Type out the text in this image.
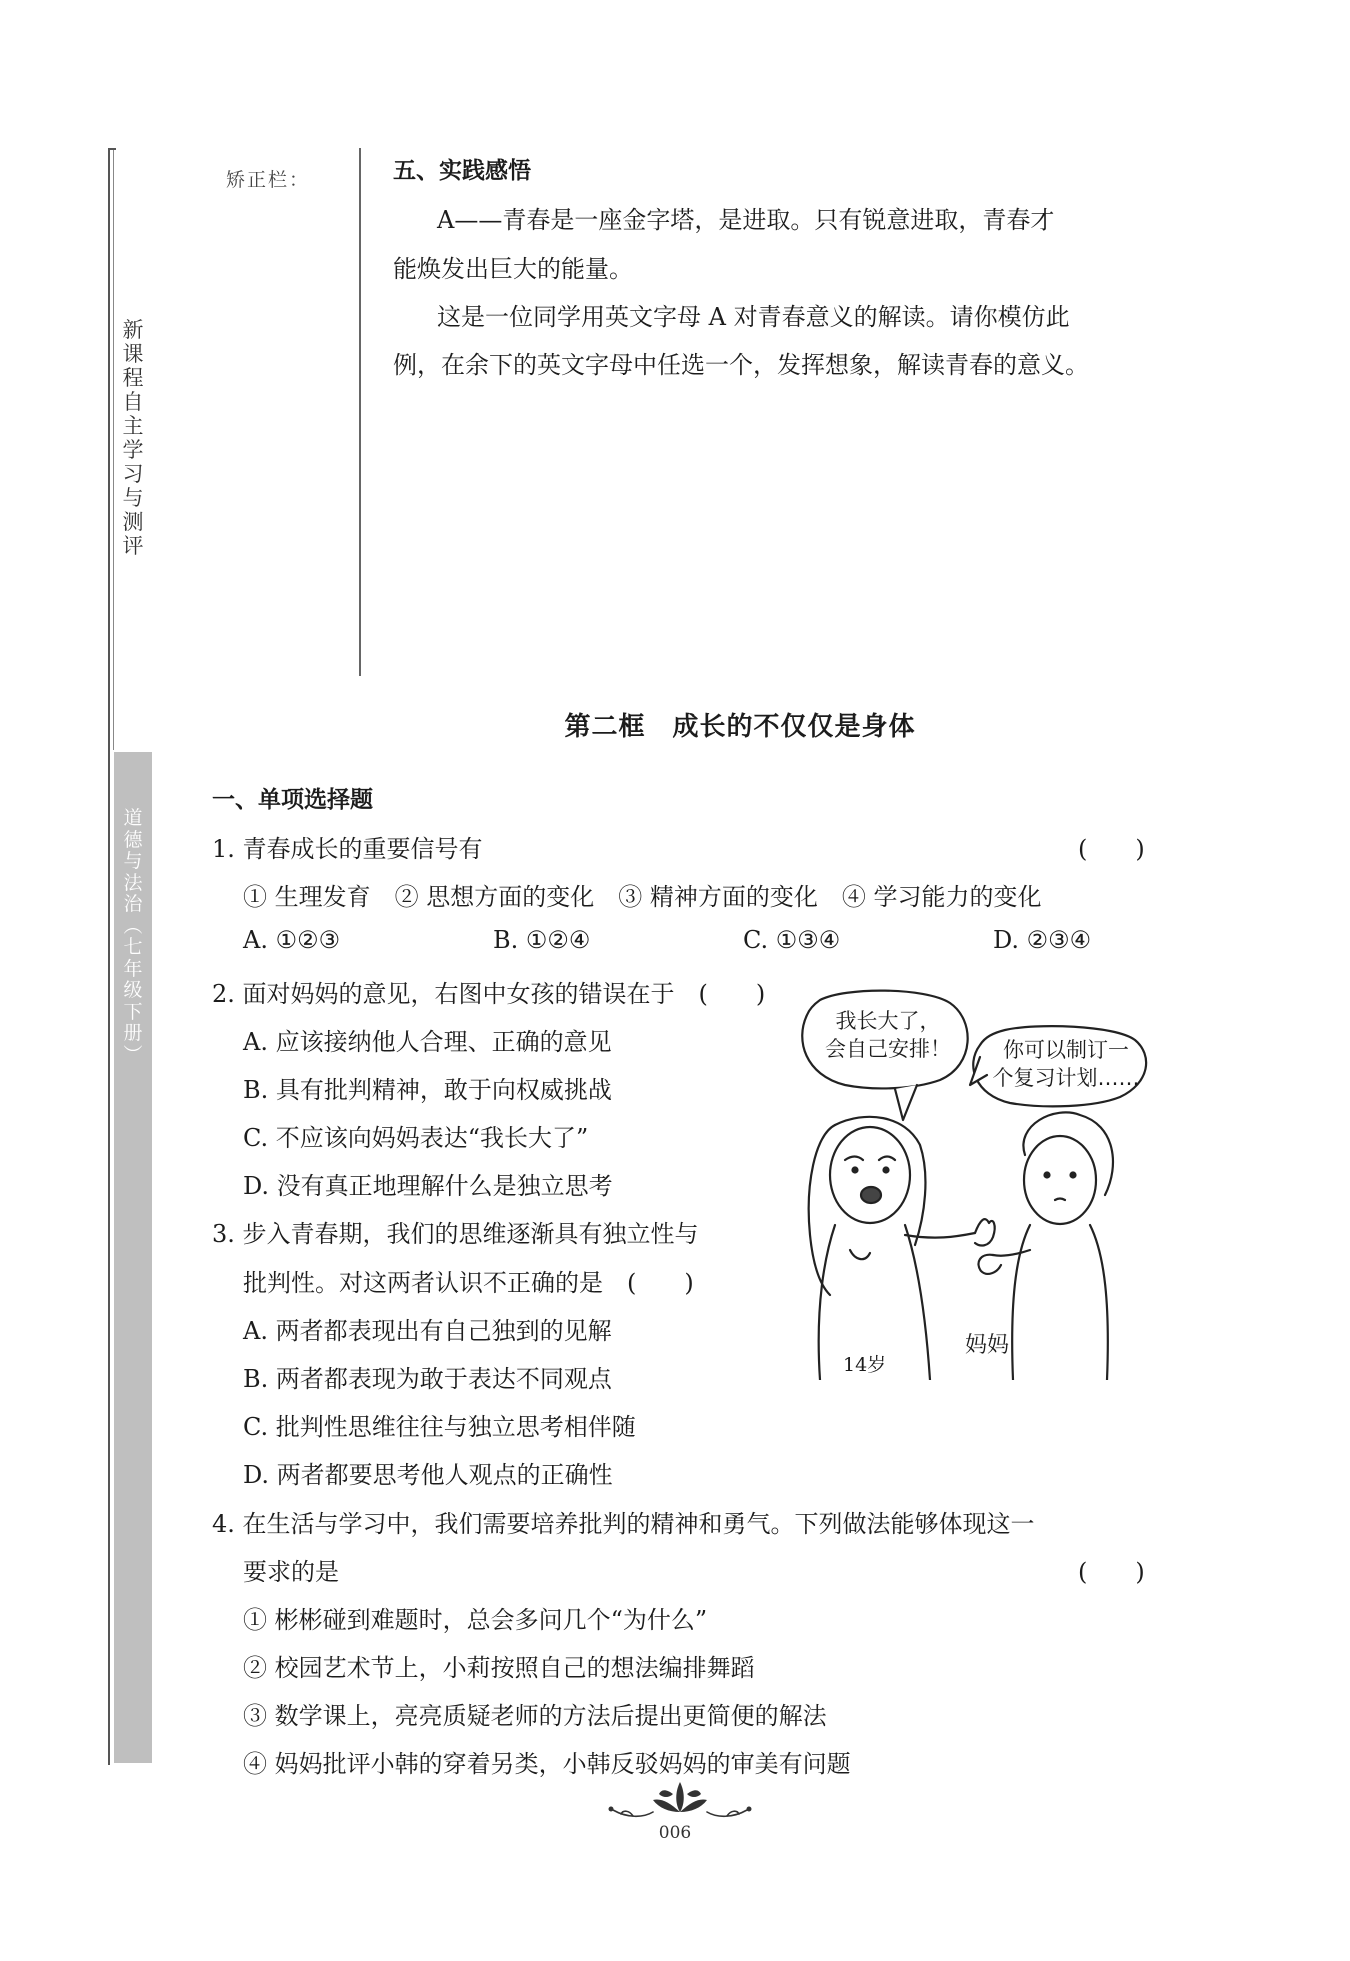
矫正栏：
新
课
程
自
主
学
习
与
测
评
道
德
与
法
治
︵
七
年
级
下
册
︶
五、实践感悟
A——青春是一座金字塔，是进取。只有锐意进取，青春才
能焕发出巨大的能量。
这是一位同学用英文字母 A 对青春意义的解读。请你模仿此
例，在余下的英文字母中任选一个，发挥想象，解读青春的意义。
第二框　成长的不仅仅是身体
一、单项选择题
1. 青春成长的重要信号有	(　　)
① 生理发育　② 思想方面的变化　③ 精神方面的变化　④ 学习能力的变化
A. ①②③	B. ①②④	C. ①③④	D. ②③④
2. 面对妈妈的意见，右图中女孩的错误在于　(　　)
A. 应该接纳他人合理、正确的意见
B. 具有批判精神，敢于向权威挑战
C. 不应该向妈妈表达“我长大了”
D. 没有真正地理解什么是独立思考
3. 步入青春期，我们的思维逐渐具有独立性与
批判性。对这两者认识不正确的是　(　　)
A. 两者都表现出有自己独到的见解
B. 两者都表现为敢于表达不同观点
C. 批判性思维往往与独立思考相伴随
D. 两者都要思考他人观点的正确性
4. 在生活与学习中，我们需要培养批判的精神和勇气。下列做法能够体现这一
要求的是	(　　)
① 彬彬碰到难题时，总会多问几个“为什么”
② 校园艺术节上，小莉按照自己的想法编排舞蹈
③ 数学课上，亮亮质疑老师的方法后提出更简便的解法
④ 妈妈批评小韩的穿着另类，小韩反驳妈妈的审美有问题
我长大了，
会自己安排！	你可以制订一
个复习计划……
14岁
妈妈
006
